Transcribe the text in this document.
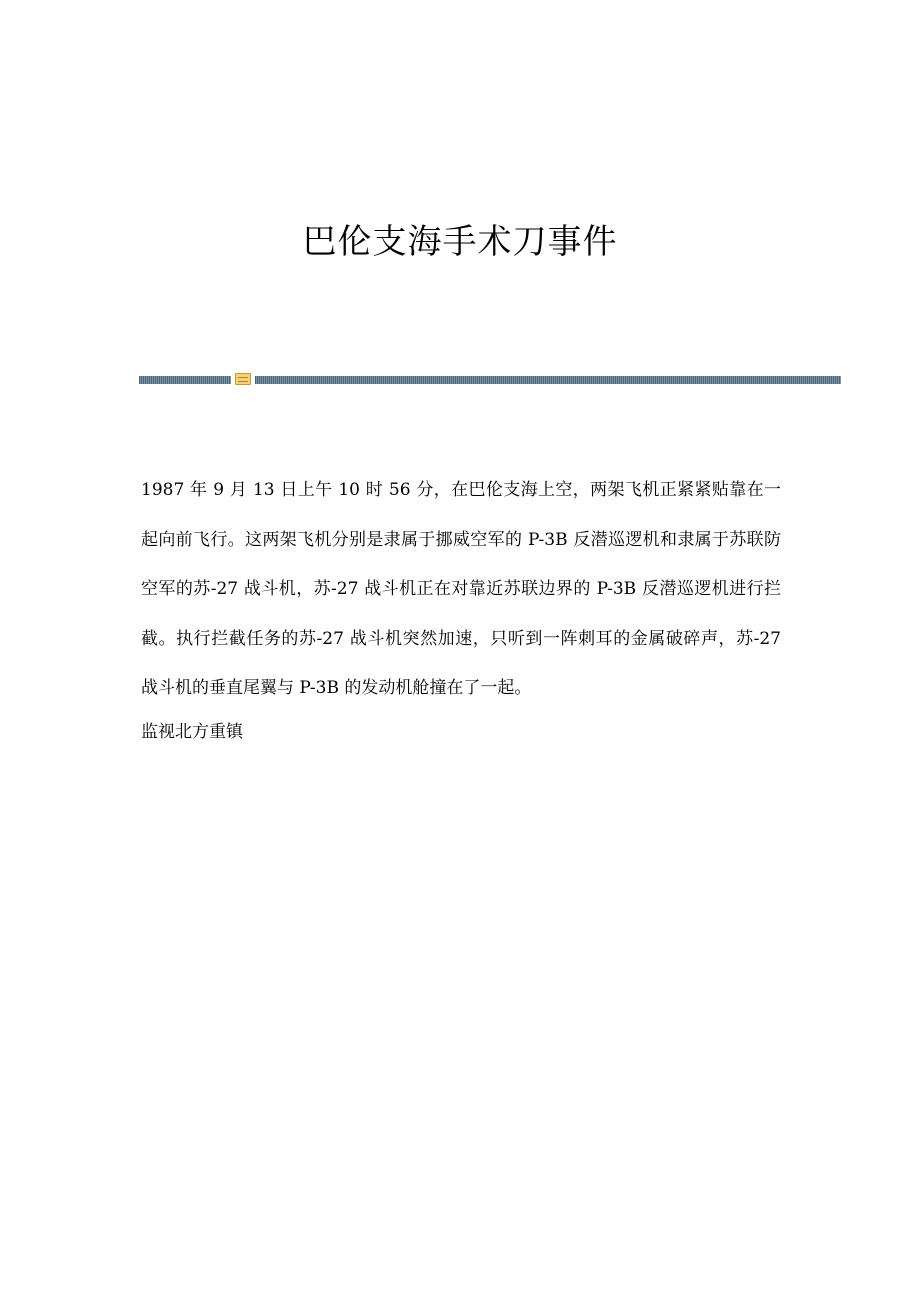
巴伦支海手术刀事件

1987 年 9 月 13 日上午 10 时 56 分，在巴伦支海上空，两架飞机正紧紧贴靠在一起向前飞行。这两架飞机分别是隶属于挪威空军的 P-3B 反潜巡逻机和隶属于苏联防空军的苏-27 战斗机，苏-27 战斗机正在对靠近苏联边界的 P-3B 反潜巡逻机进行拦截。执行拦截任务的苏-27 战斗机突然加速，只听到一阵刺耳的金属破碎声，苏-27 战斗机的垂直尾翼与 P-3B 的发动机舱撞在了一起。

监视北方重镇
